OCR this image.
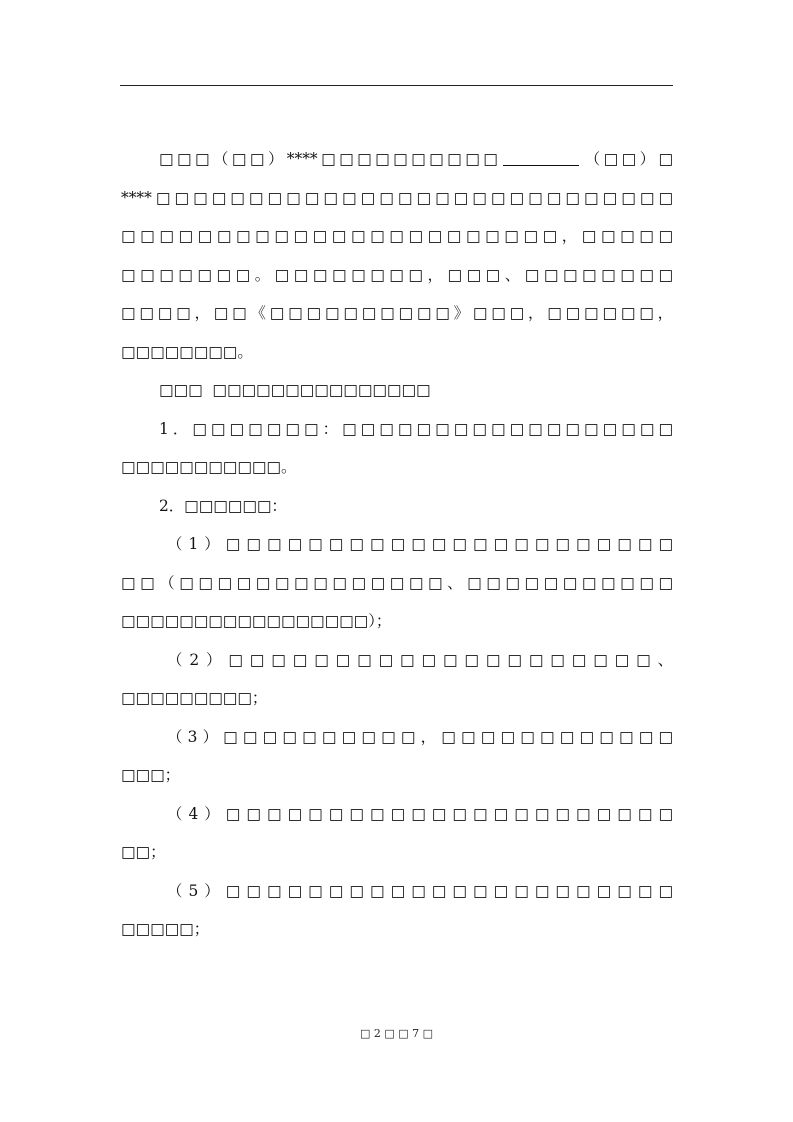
□□□（□□）****□□□□□□□□□□	（□□）□
****□□□□□□□□□□□□□□□□□□□□□□□□□□□□
□□□□□□□□□□□□□□□□□□□□□□□，□□□□□
□□□□□□□。□□□□□□□□，□□□、□□□□□□□□
□□□□，□□《□□□□□□□□□□》□□□，□□□□□□，
□□□□□□□□。
□□□ □□□□□□□□□□□□□□□
1．□□□□□□□：□□□□□□□□□□□□□□□□□□
□□□□□□□□□□□。
2．□□□□□□：
（1）□□□□□□□□□□□□□□□□□□□□□□
□□（□□□□□□□□□□□□□□、□□□□□□□□□□□
□□□□□□□□□□□□□□□□□）；
（2）□□□□□□□□□□□□□□□□□□□□、
□□□□□□□□□；
（3）□□□□□□□□□□，□□□□□□□□□□□□
□□□；
（4）□□□□□□□□□□□□□□□□□□□□□□
□□；
（5）□□□□□□□□□□□□□□□□□□□□□□
□□□□□；
□ 2 □ □ 7 □
